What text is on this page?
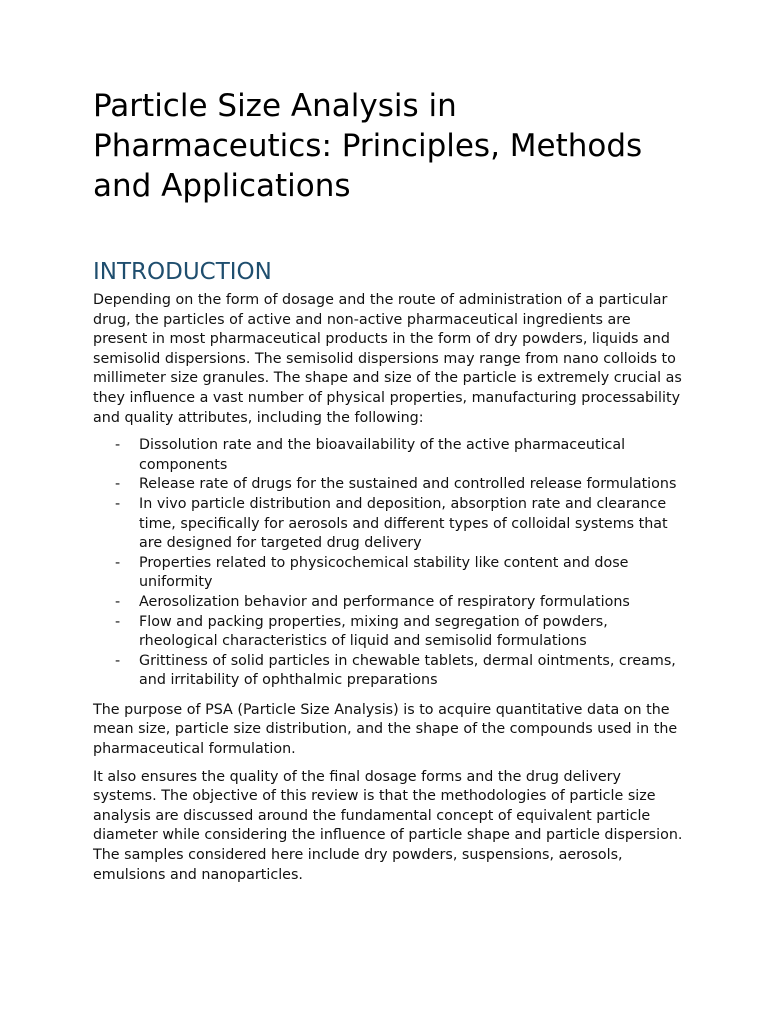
Particle Size Analysis in Pharmaceutics: Principles, Methods and Applications
INTRODUCTION

Depending on the form of dosage and the route of administration of a particular drug, the particles of active and non-active pharmaceutical ingredients are present in most pharmaceutical products in the form of dry powders, liquids and semisolid dispersions. The semisolid dispersions may range from nano colloids to millimeter size granules. The shape and size of the particle is extremely crucial as they influence a vast number of physical properties, manufacturing processability and quality attributes, including the following:

- Dissolution rate and the bioavailability of the active pharmaceutical components
- Release rate of drugs for the sustained and controlled release formulations
- In vivo particle distribution and deposition, absorption rate and clearance time, specifically for aerosols and different types of colloidal systems that are designed for targeted drug delivery
- Properties related to physicochemical stability like content and dose uniformity
- Aerosolization behavior and performance of respiratory formulations
- Flow and packing properties, mixing and segregation of powders, rheological characteristics of liquid and semisolid formulations
- Grittiness of solid particles in chewable tablets, dermal ointments, creams, and irritability of ophthalmic preparations

The purpose of PSA (Particle Size Analysis) is to acquire quantitative data on the mean size, particle size distribution, and the shape of the compounds used in the pharmaceutical formulation.

It also ensures the quality of the final dosage forms and the drug delivery systems. The objective of this review is that the methodologies of particle size analysis are discussed around the fundamental concept of equivalent particle diameter while considering the influence of particle shape and particle dispersion. The samples considered here include dry powders, suspensions, aerosols, emulsions and nanoparticles.
